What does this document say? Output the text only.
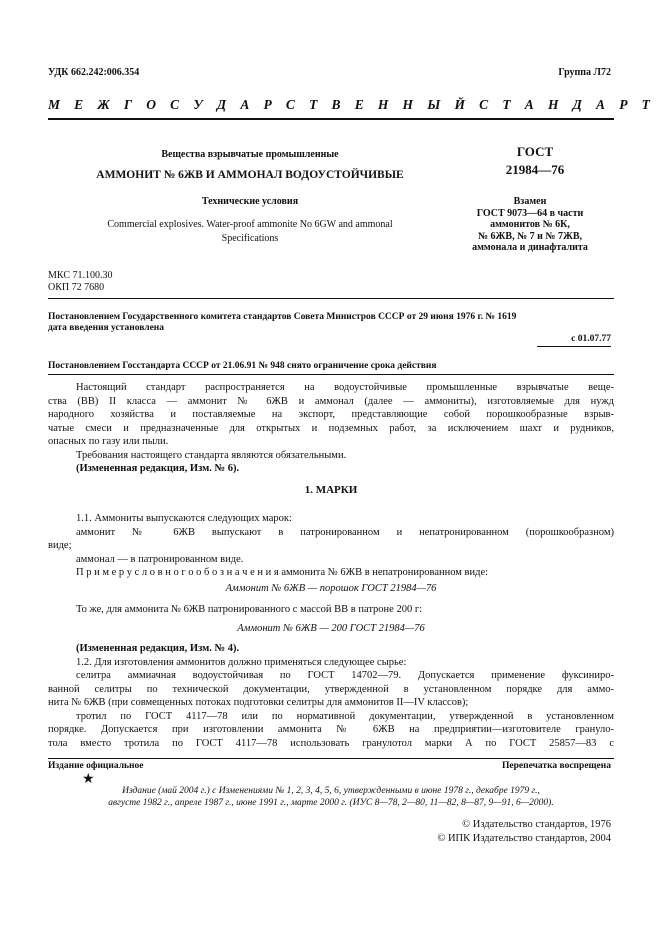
УДК 662.242:006.354	Группа Л72
М Е Ж Г О С У Д А Р С Т В Е Н Н Ы Й С Т А Н Д А Р Т
Вещества взрывчатые промышленные
АММОНИТ № 6ЖВ И АММОНАЛ ВОДОУСТОЙЧИВЫЕ
Технические условия
Commercial explosives. Water-proof ammonite No 6GW and ammonal
Specifications
ГОСТ
21984—76
Взамен
ГОСТ 9073—64 в части
аммонитов № 6К,
№ 6ЖВ, № 7 и № 7ЖВ,
аммонала и динафталита
МКС 71.100.30
ОКП 72 7680
Постановлением Государственного комитета стандартов Совета Министров СССР от 29 июня 1976 г. № 1619
дата введения установлена
с 01.07.77
Постановлением Госстандарта СССР от 21.06.91 № 948 снято ограничение срока действия
Настоящий стандарт распространяется на водоустойчивые промышленные взрывчатые веще-
ства (ВВ) II класса — аммонит № 6ЖВ и аммонал (далее — аммониты), изготовляемые для нужд
народного хозяйства и поставляемые на экспорт, представляющие собой порошкообразные взрыв-
чатые смеси и предназначенные для открытых и подземных работ, за исключением шахт и рудников,
опасных по газу или пыли.
Требования настоящего стандарта являются обязательными.
(Измененная редакция, Изм. № 6).
1. МАРКИ
1.1. Аммониты выпускаются следующих марок:
аммонит № 6ЖВ выпускают в патронированном и непатронированном (порошкообразном)
виде;
аммонал — в патронированном виде.
П р и м е р у с л о в н о г о о б о з н а ч е н и я аммонита № 6ЖВ в непатронированном виде:
Аммонит № 6ЖВ — порошок ГОСТ 21984—76
То же, для аммонита № 6ЖВ патронированного с массой ВВ в патроне 200 г:
Аммонит № 6ЖВ — 200 ГОСТ 21984—76
(Измененная редакция, Изм. № 4).
1.2. Для изготовления аммонитов должно применяться следующее сырье:
селитра аммиачная водоустойчивая по ГОСТ 14702—79. Допускается применение фуксиниро-
ванной селитры по технической документации, утвержденной в установленном порядке для аммо-
нита № 6ЖВ (при совмещенных потоках подготовки селитры для аммонитов II—IV классов);
тротил по ГОСТ 4117—78 или по нормативной документации, утвержденной в установленном
порядке. Допускается при изготовлении аммонита № 6ЖВ на предприятии—изготовителе грануло-
тола вместо тротила по ГОСТ 4117—78 использовать гранулотол марки А по ГОСТ 25857—83 с
Издание официальное	Перепечатка воспрещена
★
Издание (май 2004 г.) с Изменениями № 1, 2, 3, 4, 5, 6, утвержденными в июне 1978 г., декабре 1979 г.,
августе 1982 г., апреле 1987 г., июне 1991 г., марте 2000 г. (ИУС 8—78, 2—80, 11—82, 8—87, 9—91, 6—2000).
© Издательство стандартов, 1976
© ИПК Издательство стандартов, 2004
